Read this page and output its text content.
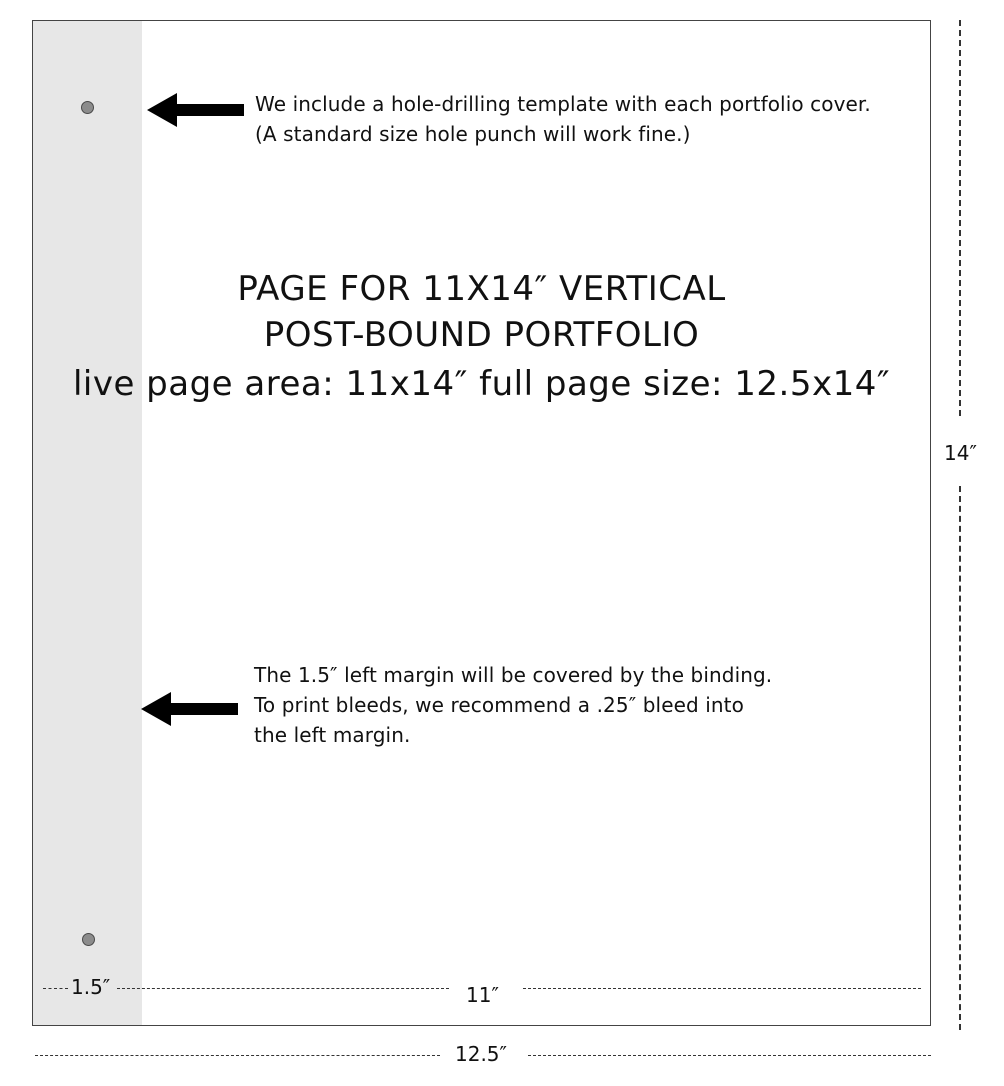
We include a hole-drilling template with each portfolio cover.
(A standard size hole punch will work fine.)
PAGE FOR 11X14″ VERTICAL
POST-BOUND PORTFOLIO
live page area: 11x14″ full page size: 12.5x14″
The 1.5″ left margin will be covered by the binding.
To print bleeds, we recommend a .25″ bleed into
the left margin.
1.5″	11″
12.5″
14″
